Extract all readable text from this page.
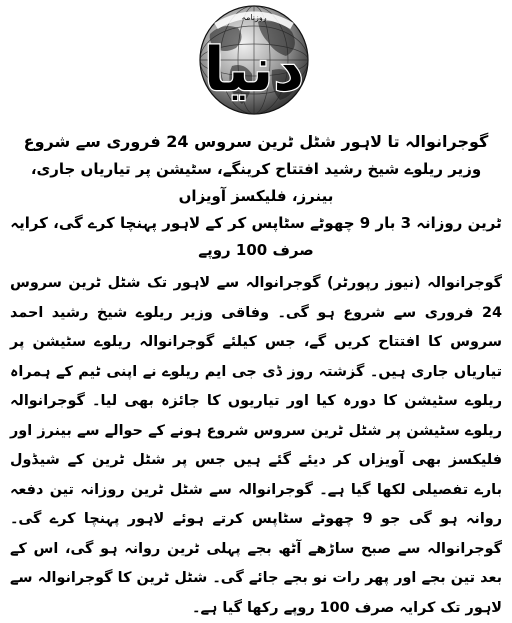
روزنامہ
دنیا
گوجرانوالہ تا لاہور شٹل ٹرین سروس 24 فروری سے شروع

وزیر ریلوے شیخ رشید افتتاح کرینگے، سٹیشن پر تیاریاں جاری، بینرز، فلیکسز آویزاں

ٹرین روزانہ 3 بار 9 چھوٹے سٹاپس کر کے لاہور پہنچا کرے گی، کرایہ صرف 100 روپے

گوجرانوالہ (نیوز رپورٹر) گوجرانوالہ سے لاہور تک شٹل ٹرین سروس 24 فروری سے شروع ہو گی۔ وفاقی وزیر ریلوے شیخ رشید احمد سروس کا افتتاح کریں گے، جس کیلئے گوجرانوالہ ریلوے سٹیشن پر تیاریاں جاری ہیں۔ گزشتہ روز ڈی جی ایم ریلوے نے اپنی ٹیم کے ہمراہ ریلوے سٹیشن کا دورہ کیا اور تیاریوں کا جائزہ بھی لیا۔ گوجرانوالہ ریلوے سٹیشن پر شٹل ٹرین سروس شروع ہونے کے حوالے سے بینرز اور فلیکسز بھی آویزاں کر دیئے گئے ہیں جس پر شٹل ٹرین کے شیڈول بارے تفصیلی لکھا گیا ہے۔ گوجرانوالہ سے شٹل ٹرین روزانہ تین دفعہ روانہ ہو گی جو 9 چھوٹے سٹاپس کرتے ہوئے لاہور پہنچا کرے گی۔ گوجرانوالہ سے صبح ساڑھے آٹھ بجے پہلی ٹرین روانہ ہو گی، اس کے بعد تین بجے اور پھر رات نو بجے جائے گی۔ شٹل ٹرین کا گوجرانوالہ سے لاہور تک کرایہ صرف 100 روپے رکھا گیا ہے۔
